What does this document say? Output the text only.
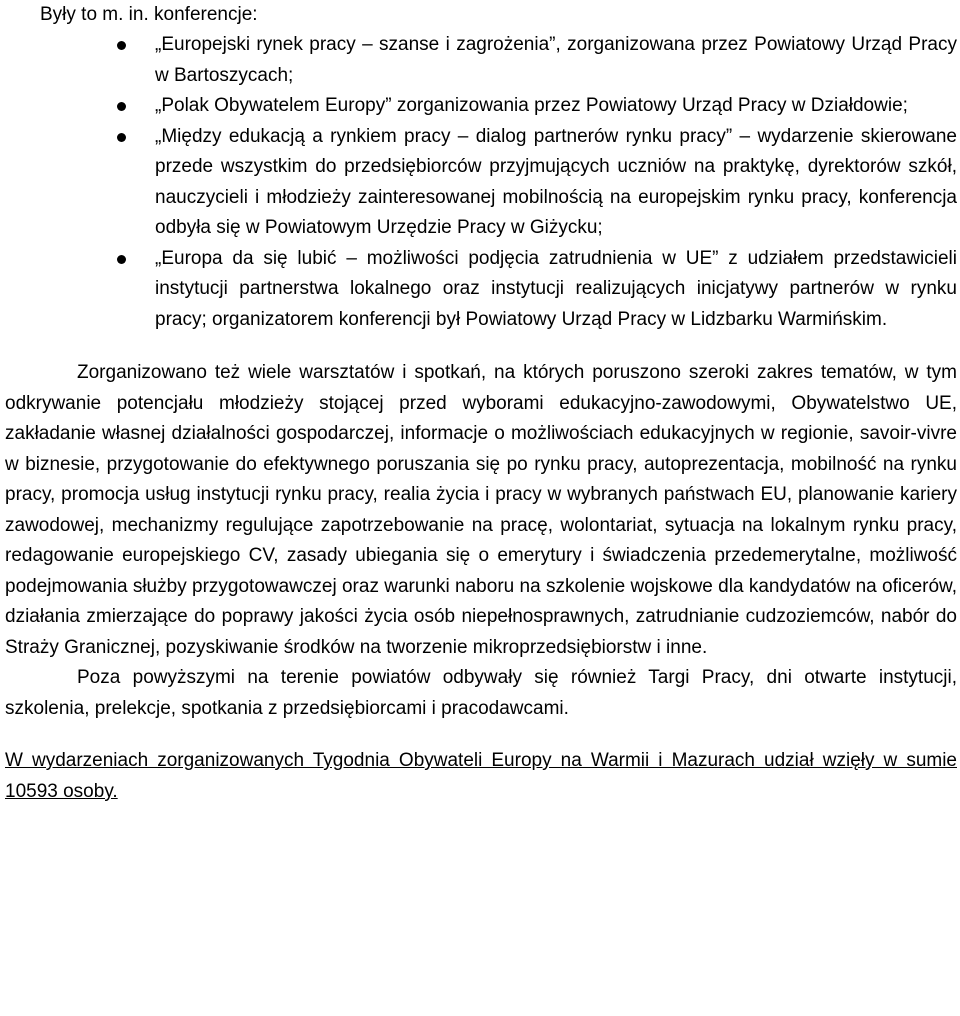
Były to m. in. konferencje:

„Europejski rynek pracy – szanse i zagrożenia”, zorganizowana przez Powiatowy Urząd Pracy w Bartoszycach;
„Polak Obywatelem Europy” zorganizowania przez Powiatowy Urząd Pracy w Działdowie;
„Między edukacją a rynkiem pracy – dialog partnerów rynku pracy” – wydarzenie skierowane przede wszystkim do przedsiębiorców przyjmujących uczniów na praktykę, dyrektorów szkół, nauczycieli i młodzieży zainteresowanej mobilnością na europejskim rynku pracy, konferencja odbyła się w Powiatowym Urzędzie Pracy w Giżycku;
„Europa da się lubić – możliwości podjęcia zatrudnienia w UE” z udziałem przedstawicieli instytucji partnerstwa lokalnego oraz instytucji realizujących inicjatywy partnerów w rynku pracy; organizatorem konferencji był Powiatowy Urząd Pracy w Lidzbarku Warmińskim.

Zorganizowano też wiele warsztatów i spotkań, na których poruszono szeroki zakres tematów, w tym odkrywanie potencjału młodzieży stojącej przed wyborami edukacyjno-zawodowymi, Obywatelstwo UE, zakładanie własnej działalności gospodarczej, informacje o możliwościach edukacyjnych w regionie, savoir-vivre w biznesie, przygotowanie do efektywnego poruszania się po rynku pracy, autoprezentacja, mobilność na rynku pracy, promocja usług instytucji rynku pracy, realia życia i pracy w wybranych państwach EU, planowanie kariery zawodowej, mechanizmy regulujące zapotrzebowanie na pracę, wolontariat, sytuacja na lokalnym rynku pracy, redagowanie europejskiego CV, zasady ubiegania się o emerytury i świadczenia przedemerytalne, możliwość podejmowania służby przygotowawczej oraz warunki naboru na szkolenie wojskowe dla kandydatów na oficerów, działania zmierzające do poprawy jakości życia osób niepełnosprawnych, zatrudnianie cudzoziemców, nabór do Straży Granicznej, pozyskiwanie środków na tworzenie mikroprzedsiębiorstw i inne.

Poza powyższymi na terenie powiatów odbywały się również Targi Pracy, dni otwarte instytucji, szkolenia, prelekcje, spotkania z przedsiębiorcami i pracodawcami.

W wydarzeniach zorganizowanych Tygodnia Obywateli Europy na Warmii i Mazurach udział wzięły w sumie 10593 osoby.
